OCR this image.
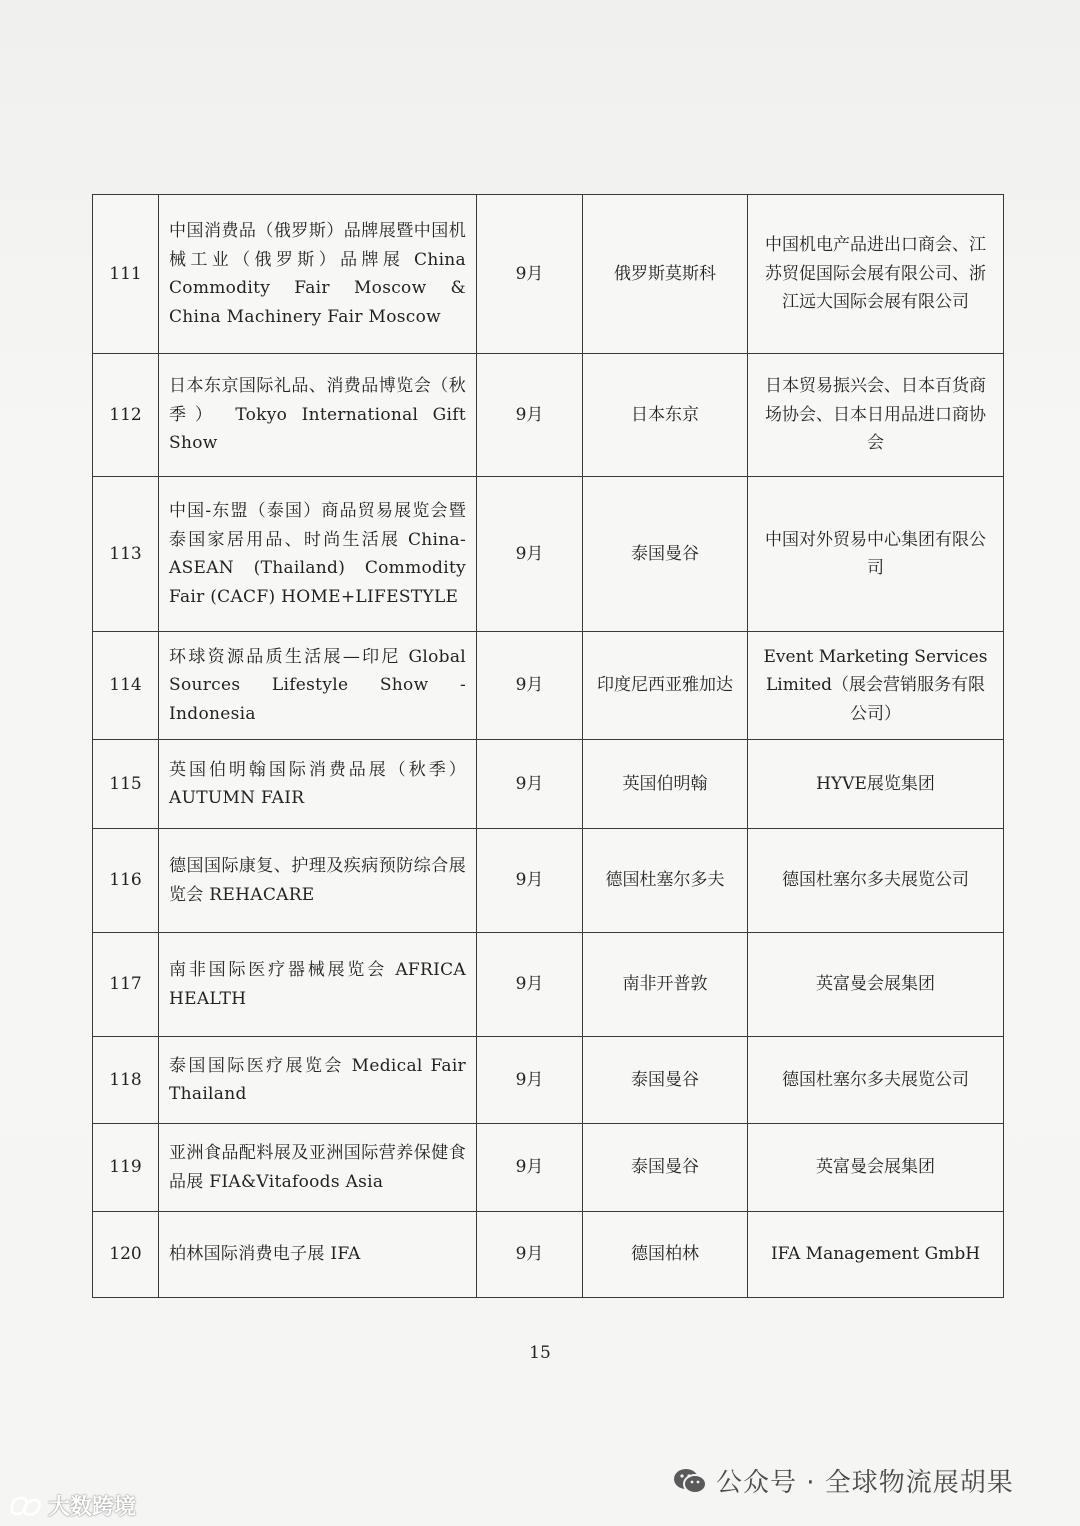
111	中国消费品（俄罗斯）品牌展暨中国机械工业（俄罗斯）品牌展 China Commodity Fair Moscow & China Machinery Fair Moscow	9月	俄罗斯莫斯科	中国机电产品进出口商会、江苏贸促国际会展有限公司、浙江远大国际会展有限公司
112	日本东京国际礼品、消费品博览会（秋季） Tokyo International Gift Show	9月	日本东京	日本贸易振兴会、日本百货商场协会、日本日用品进口商协会
113	中国-东盟（泰国）商品贸易展览会暨泰国家居用品、时尚生活展 China-ASEAN (Thailand) Commodity Fair (CACF) HOME+LIFESTYLE	9月	泰国曼谷	中国对外贸易中心集团有限公司
114	环球资源品质生活展—印尼 Global Sources Lifestyle Show - Indonesia	9月	印度尼西亚雅加达	Event Marketing Services Limited（展会营销服务有限公司）
115	英国伯明翰国际消费品展（秋季） AUTUMN FAIR	9月	英国伯明翰	HYVE展览集团
116	德国国际康复、护理及疾病预防综合展览会 REHACARE	9月	德国杜塞尔多夫	德国杜塞尔多夫展览公司
117	南非国际医疗器械展览会 AFRICA HEALTH	9月	南非开普敦	英富曼会展集团
118	泰国国际医疗展览会 Medical Fair Thailand	9月	泰国曼谷	德国杜塞尔多夫展览公司
119	亚洲食品配料展及亚洲国际营养保健食品展 FIA&Vitafoods Asia	9月	泰国曼谷	英富曼会展集团
120	柏林国际消费电子展 IFA	9月	德国柏林	IFA Management GmbH
15
公众号 · 全球物流展胡果
大数跨境
